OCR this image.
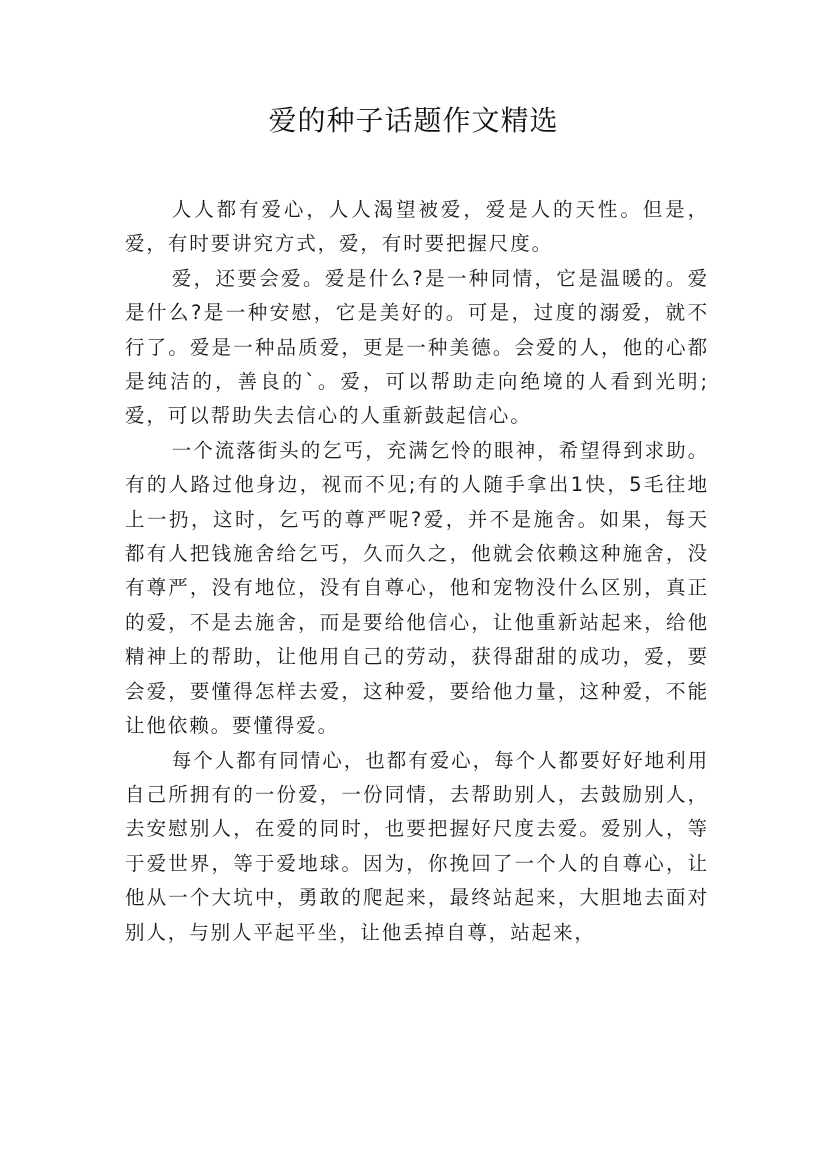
爱的种子话题作文精选

人人都有爱心，人人渴望被爱，爱是人的天性。但是，爱，有时要讲究方式，爱，有时要把握尺度。

爱，还要会爱。爱是什么?是一种同情，它是温暖的。爱是什么?是一种安慰，它是美好的。可是，过度的溺爱，就不行了。爱是一种品质爱，更是一种美德。会爱的人，他的心都是纯洁的，善良的`。爱，可以帮助走向绝境的人看到光明;爱，可以帮助失去信心的人重新鼓起信心。

一个流落街头的乞丐，充满乞怜的眼神，希望得到求助。有的人路过他身边，视而不见;有的人随手拿出1快，5毛往地上一扔，这时，乞丐的尊严呢?爱，并不是施舍。如果，每天都有人把钱施舍给乞丐，久而久之，他就会依赖这种施舍，没有尊严，没有地位，没有自尊心，他和宠物没什么区别，真正的爱，不是去施舍，而是要给他信心，让他重新站起来，给他精神上的帮助，让他用自己的劳动，获得甜甜的成功，爱，要会爱，要懂得怎样去爱，这种爱，要给他力量，这种爱，不能让他依赖。要懂得爱。

每个人都有同情心，也都有爱心，每个人都要好好地利用自己所拥有的一份爱，一份同情，去帮助别人，去鼓励别人，去安慰别人，在爱的同时，也要把握好尺度去爱。爱别人，等于爱世界，等于爱地球。因为，你挽回了一个人的自尊心，让他从一个大坑中，勇敢的爬起来，最终站起来，大胆地去面对别人，与别人平起平坐，让他丢掉自尊，站起来，
